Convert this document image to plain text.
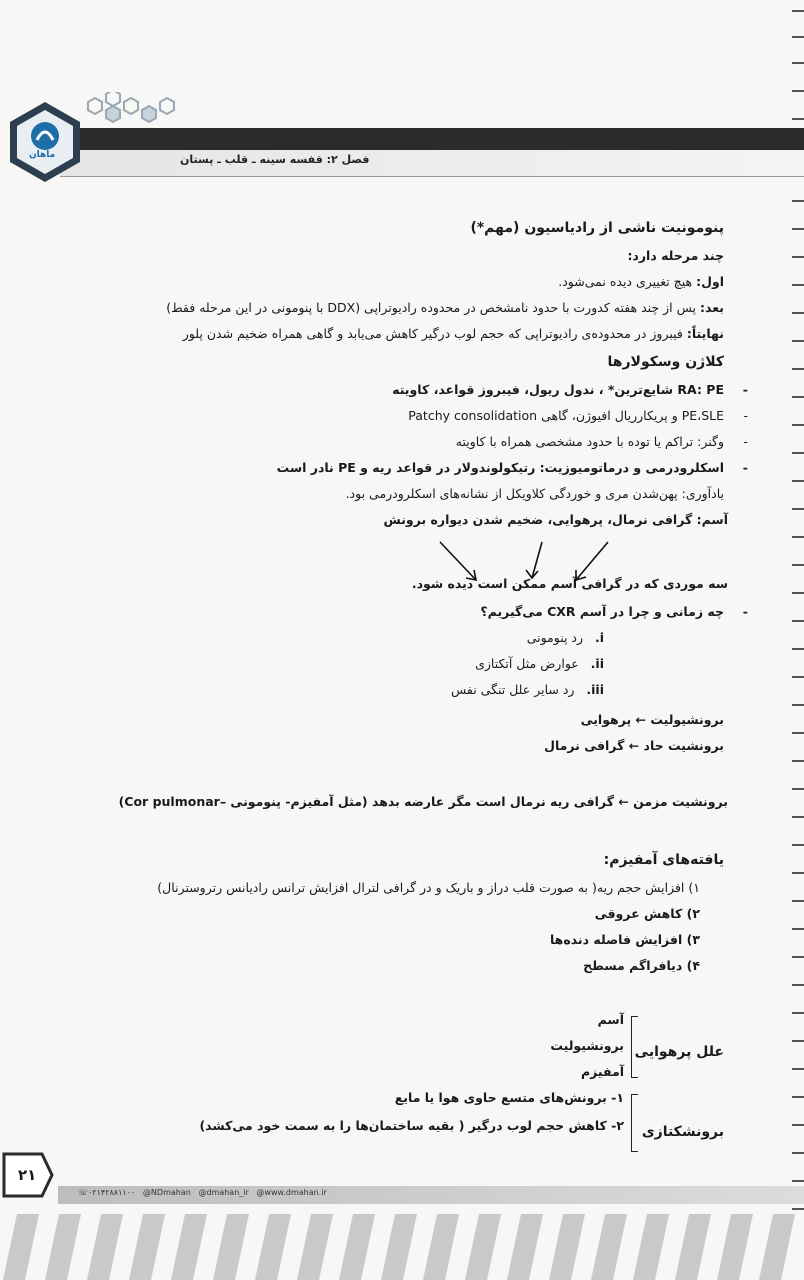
ماهان	فصل ۲: قفسه سینه ـ قلب ـ پستان
پنومونیت ناشی از رادیاسیون (مهم*)
چند مرحله دارد:
اول: هیچ تغییری دیده نمی‌شود.
بعد: پس از چند هفته کدورت با حدود نامشخص در محدوده رادیوتراپی (DDX با پنومونی در این مرحله فقط)
نهایتاً: فیبروز در محدوده‌ی رادیوتراپی که حجم لوب درگیر کاهش می‌یابد و گاهی همراه ضخیم شدن پلور
کلاژن وسکولارها
- RA: PE شایع‌ترین* ، ندول ریول، فیبروز قواعد، کاویته
- PE،SLE و پریکارریال افیوژن، گاهی Patchy consolidation
- وگنر: تراکم یا توده با حدود مشخصی همراه با کاویته
- اسکلرودرمی و درماتومیوزیت: رتیکولوندولار در قواعد ریه و PE نادر است
یادآوری: پهن‌شدن مری و خوردگی کلاویکل از نشانه‌های اسکلرودرمی بود.
آسم: گرافی نرمال، پرهوایی، ضخیم شدن دیواره برونش
سه موردی که در گرافی آسم ممکن است دیده شود.
- چه زمانی و چرا در آسم CXR می‌گیریم؟
i.   رد پنومونی
ii.   عوارض مثل آتکتازی
iii.   رد سایر علل تنگی نفس
برونشیولیت ← پرهوایی
برونشیت حاد ← گرافی نرمال
برونشیت مزمن ← گرافی ریه نرمال است مگر عارضه بدهد (مثل آمفیزم- پنومونی –Cor pulmonar)
یافته‌های آمفیزم:
۱) افزایش حجم ریه( به صورت قلب دراز و باریک و در گرافی لترال افزایش ترانس رادیانس رتروسترنال)
۲) کاهش عروقی
۳) افزایش فاصله دنده‌ها
۴) دیافراگم مسطح
علل پرهوایی
آسم
برونشیولیت
آمفیزم
برونشکتازی
۱- برونش‌های متسع حاوی هوا یا مایع
۲- کاهش حجم لوب درگیر ( بقیه ساختمان‌ها را به سمت خود می‌کشد)
۲۱
☏۰۲۱۴۲۸۸۱۱۰۰ @NDmahan @dmahan_ir @www.dmahan.ir
